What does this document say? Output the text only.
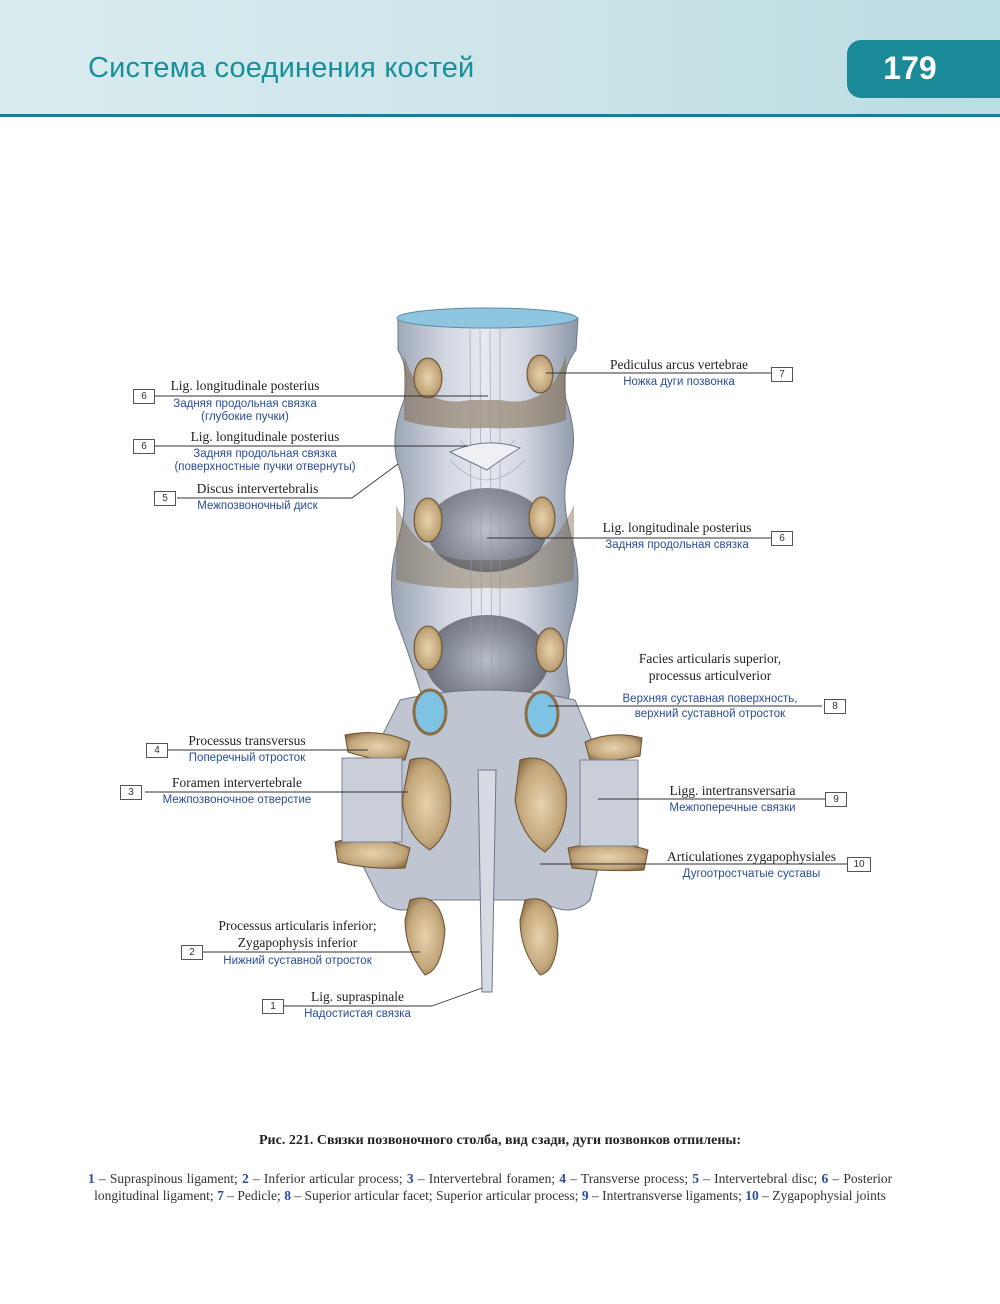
Система соединения костей	179
6
Lig. longitudinale posterius
Задняя продольная связка
(глубокие пучки)
6
Lig. longitudinale posterius
Задняя продольная связка
(поверхностные пучки отвернуты)
5
Discus intervertebralis
Межпозвоночный диск
4
Processus transversus
Поперечный отросток
3
Foramen intervertebrale
Межпозвоночное отверстие
2
Processus articularis inferior;
Zygapophysis inferior
Нижний суставной отросток
1
Lig. supraspinale
Надостистая связка
Pediculus arcus vertebrae
Ножка дуги позвонка
7
Lig. longitudinale posterius
Задняя продольная связка
6
Facies articularis superior,
processus articulverior
Верхняя суставная поверхность,
верхний суставной отросток
8
Ligg. intertransversaria
Межпоперечные связки
9
Articulationes zygapophysiales
Дугоотростчатые суставы
10
Рис. 221. Связки позвоночного столба, вид сзади, дуги позвонков отпилены:
1 – Supraspinous ligament; 2 – Inferior articular process; 3 – Intervertebral foramen; 4 – Transverse process; 5 – Intervertebral disc; 6 – Posterior longitudinal ligament; 7 – Pedicle; 8 – Superior articular facet; Superior articular process; 9 – Intertransverse ligaments; 10 – Zygapophysial joints
